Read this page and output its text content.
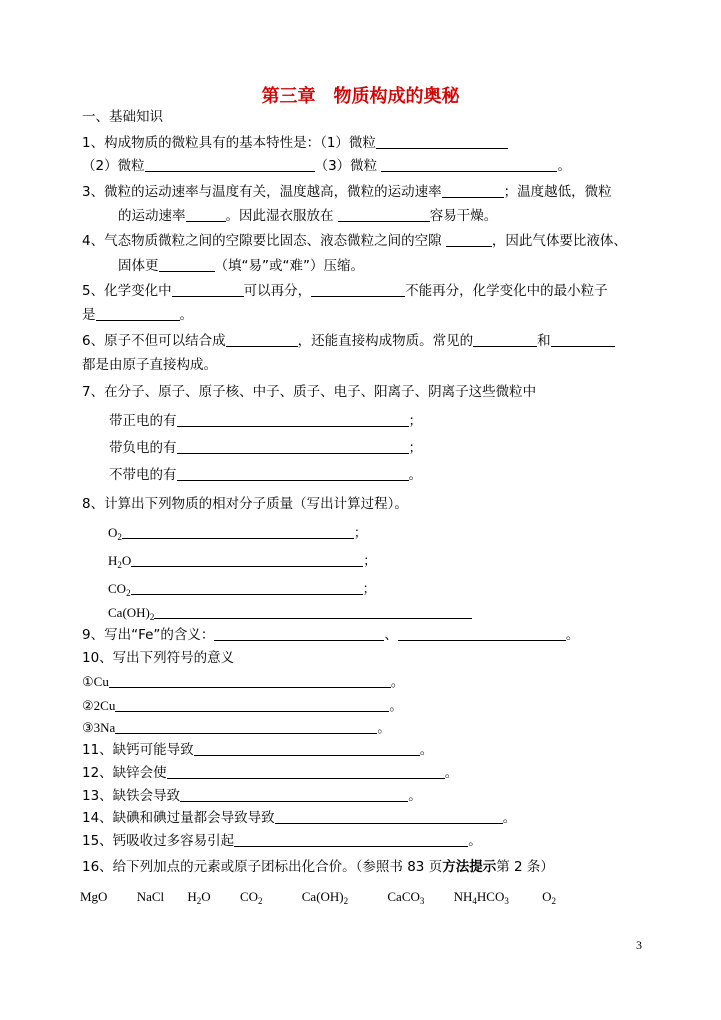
第三章　物质构成的奥秘
一、基础知识
1、构成物质的微粒具有的基本特性是：（1）微粒
（2）微粒	（3）微粒	。
3、微粒的运动速率与温度有关，温度越高，微粒的运动速率	；温度越低，微粒
的运动速率	。因此湿衣服放在	容易干燥。
4、气态物质微粒之间的空隙要比固态、液态微粒之间的空隙	，因此气体要比液体、
固体更	（填“易”或“难”）压缩。
5、化学变化中	可以再分，	不能再分，化学变化中的最小粒子
是	。
6、原子不但可以结合成	，还能直接构成物质。常见的	和
都是由原子直接构成。
7、在分子、原子、原子核、中子、质子、电子、阳离子、阴离子这些微粒中
带正电的有	；
带负电的有	；
不带电的有	。
8、计算出下列物质的相对分子质量（写出计算过程）。
$O_2$	；
$H_2O$	；
$CO_2$	；
$Ca(OH)_2$
9、写出“Fe”的含义：	、	。
10、写出下列符号的意义
①Cu	。
②2Cu	。
③3Na	。
11、缺钙可能导致	。
12、缺锌会使	。
13、缺铁会导致	。
14、缺碘和碘过量都会导致导致	。
15、钙吸收过多容易引起	。
16、给下列加点的元素或原子团标出化合价。（参照书 83 页方法提示第 2 条）
MgO NaCl $H_2O$ $CO_2$	$Ca(OH)_2$	CaCO$_3$ $NH_4HCO_3$	$O_2$
3
